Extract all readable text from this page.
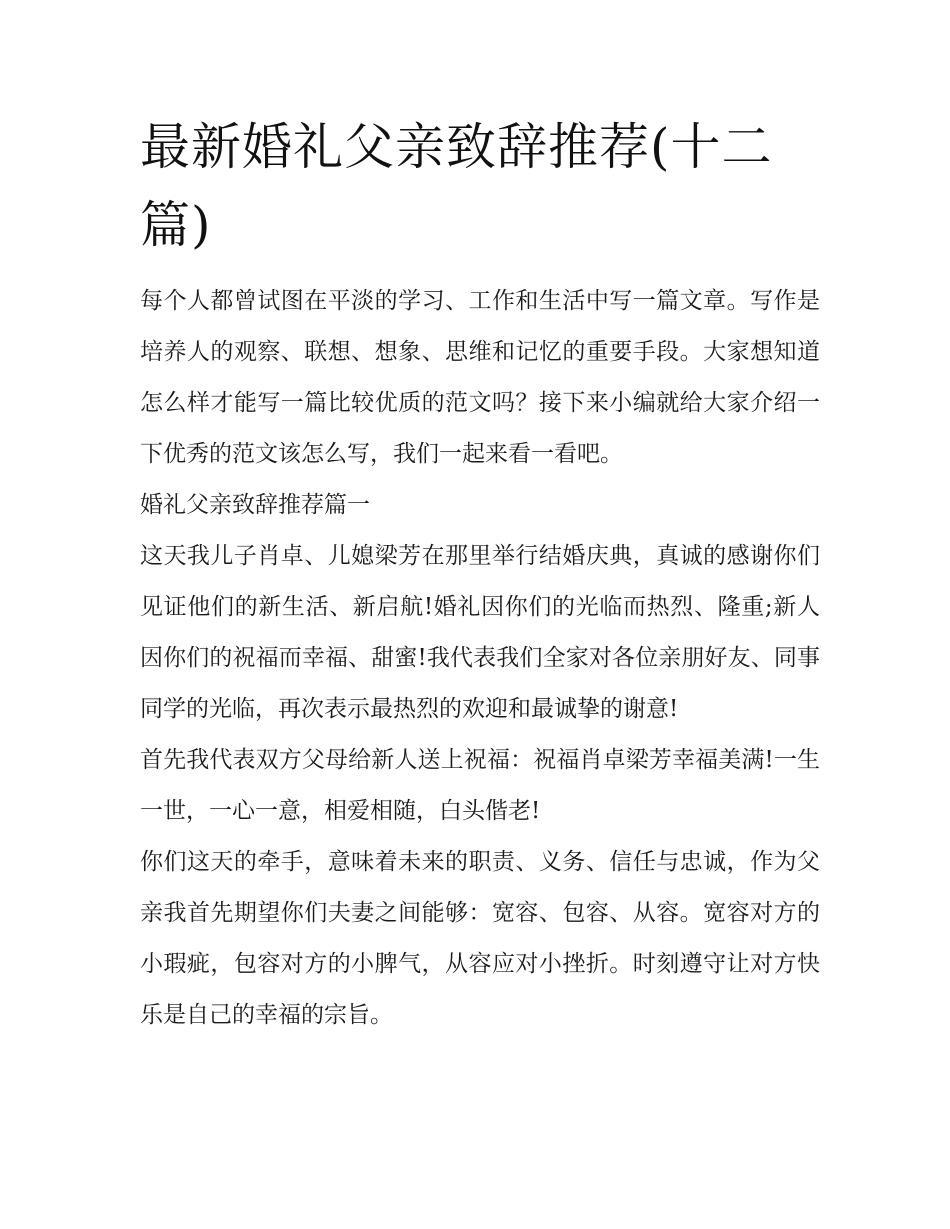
最新婚礼父亲致辞推荐(十二篇)

每个人都曾试图在平淡的学习、工作和生活中写一篇文章。写作是培养人的观察、联想、想象、思维和记忆的重要手段。大家想知道怎么样才能写一篇比较优质的范文吗？接下来小编就给大家介绍一下优秀的范文该怎么写，我们一起来看一看吧。

婚礼父亲致辞推荐篇一

这天我儿子肖卓、儿媳梁芳在那里举行结婚庆典，真诚的感谢你们见证他们的新生活、新启航!婚礼因你们的光临而热烈、隆重;新人因你们的祝福而幸福、甜蜜!我代表我们全家对各位亲朋好友、同事同学的光临，再次表示最热烈的欢迎和最诚挚的谢意!

首先我代表双方父母给新人送上祝福：祝福肖卓梁芳幸福美满!一生一世，一心一意，相爱相随，白头偕老!

你们这天的牵手，意味着未来的职责、义务、信任与忠诚，作为父亲我首先期望你们夫妻之间能够：宽容、包容、从容。宽容对方的小瑕疵，包容对方的小脾气，从容应对小挫折。时刻遵守让对方快乐是自己的幸福的宗旨。
